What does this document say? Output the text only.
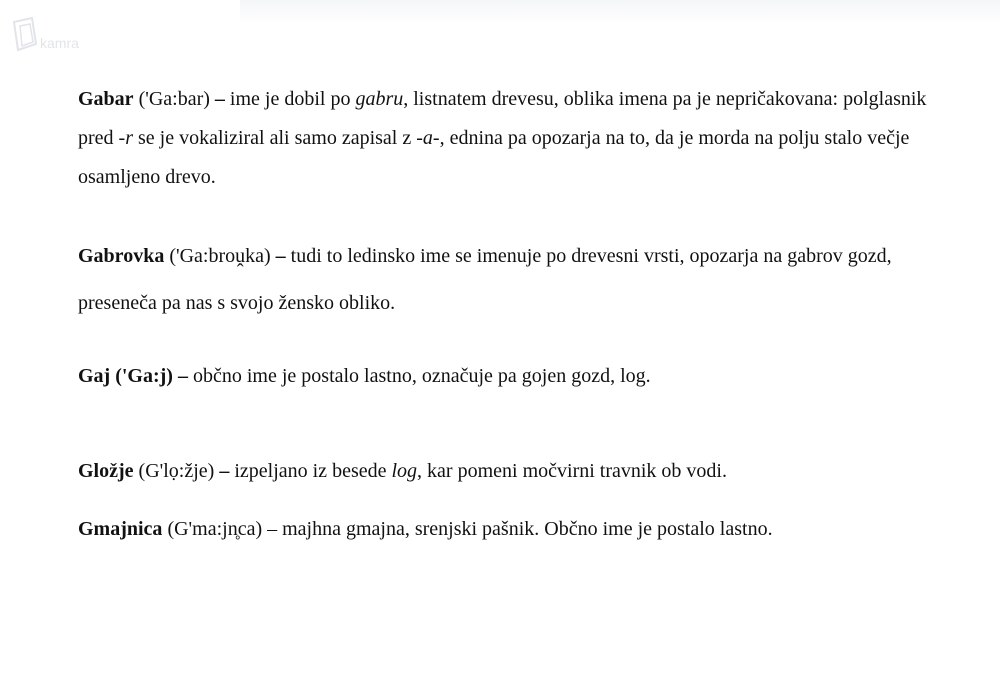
kamra

Gabar ('Ga:bar) – ime je dobil po gabru, listnatem drevesu, oblika imena pa je nepričakovana: polglasnik pred -r se je vokaliziral ali samo zapisal z -a-, ednina pa opozarja na to, da je morda na polju stalo večje osamljeno drevo.

Gabrovka ('Ga:broṷka) – tudi to ledinsko ime se imenuje po drevesni vrsti, opozarja na gabrov gozd, preseneča pa nas s svojo žensko obliko.

Gaj ('Ga:j) – občno ime je postalo lastno, označuje pa gojen gozd, log.

Gložje (G'lọ:žje) – izpeljano iz besede log, kar pomeni močvirni travnik ob vodi.

Gmajnica (G'ma:jn̥ca) – majhna gmajna, srenjski pašnik. Občno ime je postalo lastno.
